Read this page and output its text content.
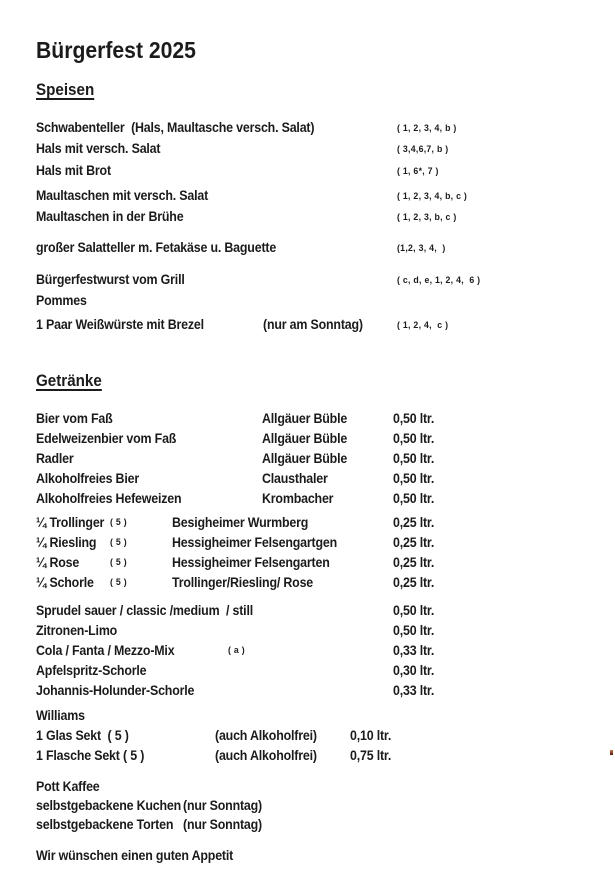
Bürgerfest 2025
Speisen
Schwabenteller  (Hals, Maultasche versch. Salat)	( 1, 2, 3, 4, b )
Hals mit versch. Salat	( 3,4,6,7, b )
Hals mit Brot	( 1, 6*, 7 )
Maultaschen mit versch. Salat	( 1, 2, 3, 4, b, c )
Maultaschen in der Brühe	( 1, 2, 3, b, c )
großer Salatteller m. Fetakäse u. Baguette	(1,2, 3, 4,  )
Bürgerfestwurst vom Grill	( c, d, e, 1, 2, 4,  6 )
Pommes
1 Paar Weißwürste mit Brezel	(nur am Sonntag)	( 1, 2, 4,  c )
Getränke
Bier vom Faß	Allgäuer Büble	0,50 ltr.
Edelweizenbier vom Faß	Allgäuer Büble	0,50 ltr.
Radler	Allgäuer Büble	0,50 ltr.
Alkoholfreies Bier	Clausthaler	0,50 ltr.
Alkoholfreies Hefeweizen	Krombacher	0,50 ltr.
¼ Trollinger ( 5 )	Besigheimer Wurmberg	0,25 ltr.
¼ Riesling ( 5 )	Hessigheimer Felsengartgen	0,25 ltr.
¼ Rose	( 5 )	Hessigheimer Felsengarten	0,25 ltr.
¼ Schorle ( 5 )	Trollinger/Riesling/ Rose	0,25 ltr.
Sprudel sauer / classic /medium  / still	0,50 ltr.
Zitronen-Limo	0,50 ltr.
Cola / Fanta / Mezzo-Mix	( a )	0,33 ltr.
Apfelspritz-Schorle	0,30 ltr.
Johannis-Holunder-Schorle	0,33 ltr.
Williams
1 Glas Sekt  ( 5 )	(auch Alkoholfrei) 0,10 ltr.
1 Flasche Sekt ( 5 )	(auch Alkoholfrei) 0,75 ltr.
Pott Kaffee
selbstgebackene Kuchen (nur Sonntag)
selbstgebackene Torten (nur Sonntag)
Wir wünschen einen guten Appetit
